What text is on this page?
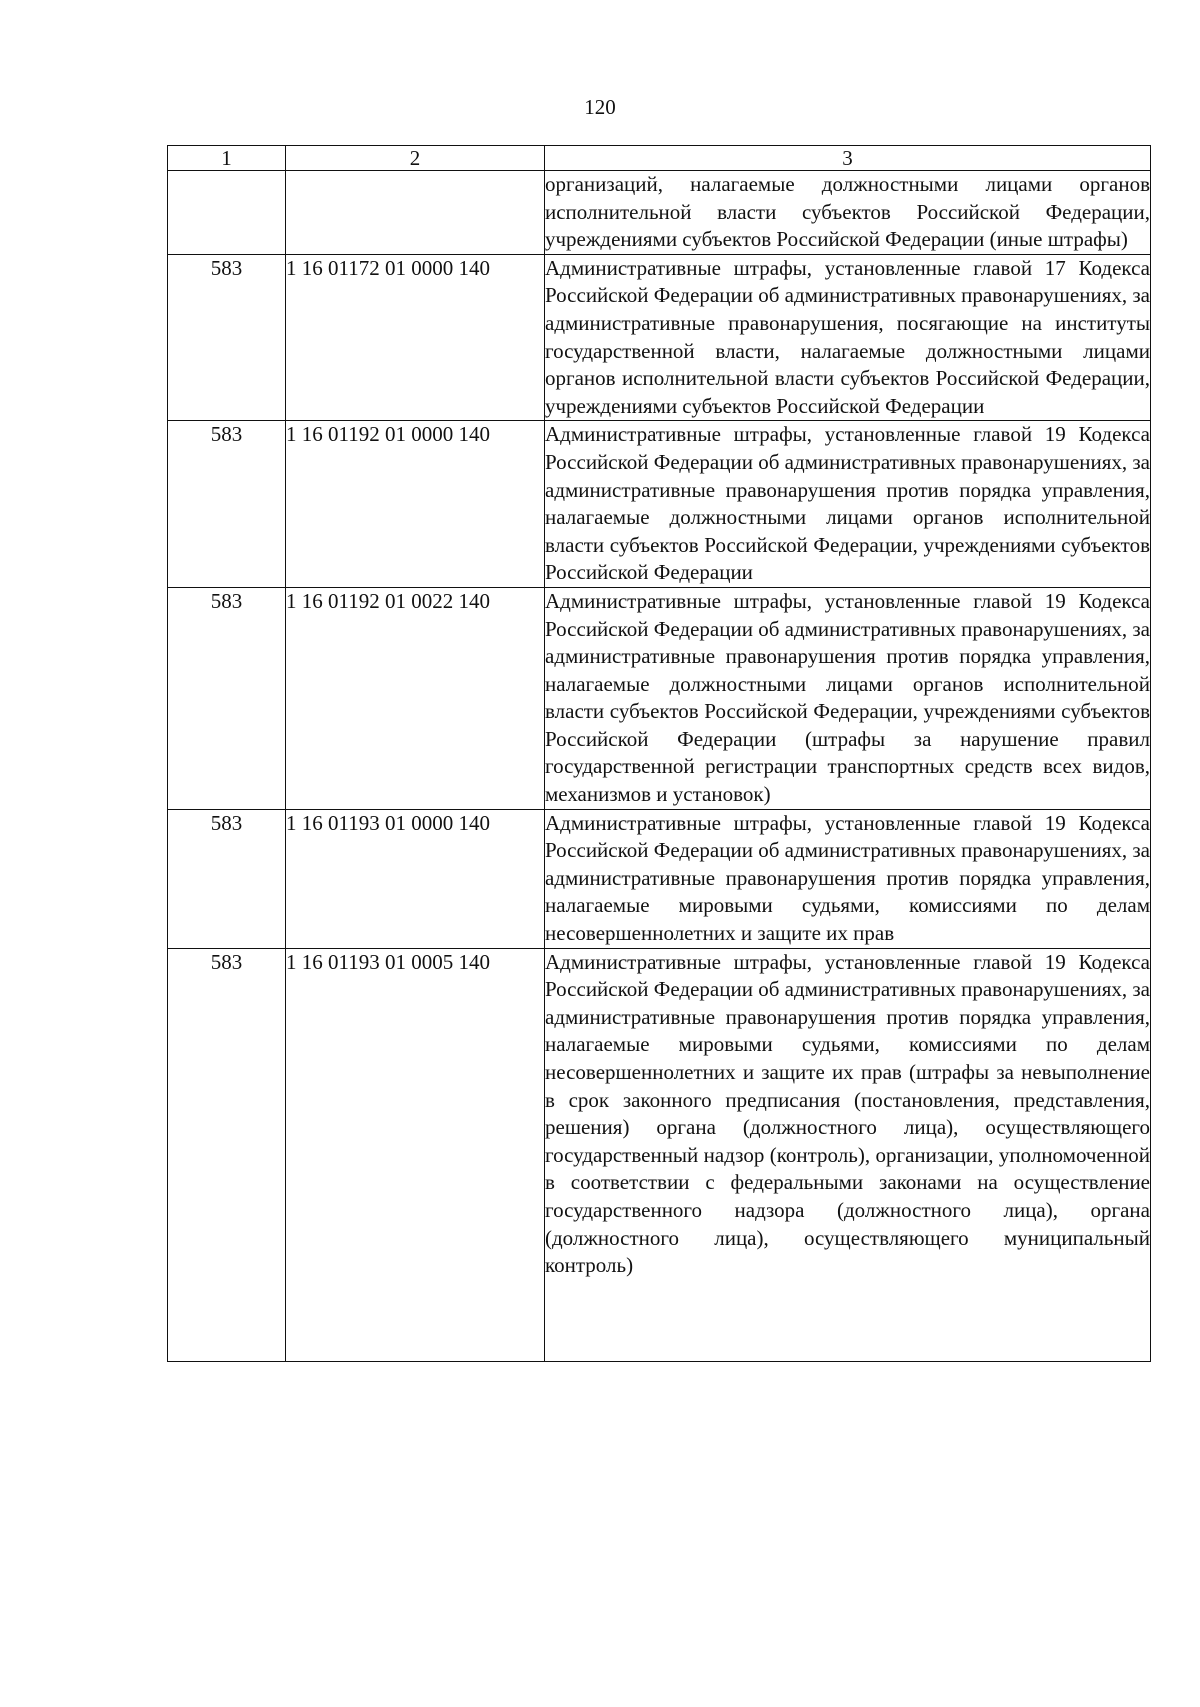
120
1	2	3

		организаций, налагаемые должностными лицами органов исполнительной власти субъектов Российской Федерации, учреждениями субъектов Российской Федерации (иные штрафы)

583	1 16 01172 01 0000 140	Административные штрафы, установленные главой 17 Кодекса Российской Федерации об административных правонарушениях, за административные правонарушения, посягающие на институты государственной власти, налагаемые должностными лицами органов исполнительной власти субъектов Российской Федерации, учреждениями субъектов Российской Федерации

583	1 16 01192 01 0000 140	Административные штрафы, установленные главой 19 Кодекса Российской Федерации об административных правонарушениях, за административные правонарушения против порядка управления, налагаемые должностными лицами органов исполнительной власти субъектов Российской Федерации, учреждениями субъектов Российской Федерации

583	1 16 01192 01 0022 140	Административные штрафы, установленные главой 19 Кодекса Российской Федерации об административных правонарушениях, за административные правонарушения против порядка управления, налагаемые должностными лицами органов исполнительной власти субъектов Российской Федерации, учреждениями субъектов Российской Федерации (штрафы за нарушение правил государственной регистрации транспортных средств всех видов, механизмов и установок)

583	1 16 01193 01 0000 140	Административные штрафы, установленные главой 19 Кодекса Российской Федерации об административных правонарушениях, за административные правонарушения против порядка управления, налагаемые мировыми судьями, комиссиями по делам несовершеннолетних и защите их прав

583	1 16 01193 01 0005 140	Административные штрафы, установленные главой 19 Кодекса Российской Федерации об административных правонарушениях, за административные правонарушения против порядка управления, налагаемые мировыми судьями, комиссиями по делам несовершеннолетних и защите их прав (штрафы за невыполнение в срок законного предписания (постановления, представления, решения) органа (должностного лица), осуществляющего государственный надзор (контроль), организации, уполномоченной в соответствии с федеральными законами на осуществление государственного надзора (должностного лица), органа (должностного лица), осуществляющего муниципальный контроль)
